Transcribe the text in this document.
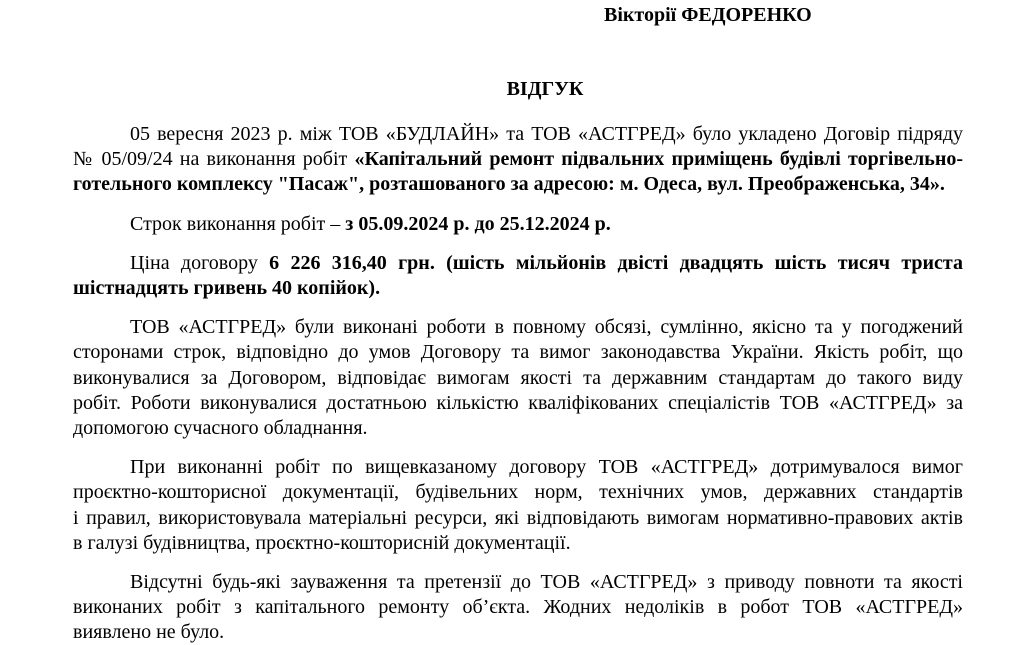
Вікторії ФЕДОРЕНКО
ВІДГУК

05 вересня 2023 р. між ТОВ «БУДЛАЙН» та ТОВ «АСТГРЕД» було укладено Договір підряду
№ 05/09/24 на виконання робіт «Капітальний ремонт підвальних приміщень будівлі торгівельно-
готельного комплексу "Пасаж", розташованого за адресою: м. Одеса, вул. Преображенська, 34».

Строк виконання робіт – з 05.09.2024 р. до 25.12.2024 р.

Ціна договору 6 226 316,40 грн. (шість мільйонів двісті двадцять шість тисяч триста
шістнадцять гривень 40 копійок).

ТОВ «АСТГРЕД» були виконані роботи в повному обсязі, сумлінно, якісно та у погоджений
сторонами строк, відповідно до умов Договору та вимог законодавства України. Якість робіт, що
виконувалися за Договором, відповідає вимогам якості та державним стандартам до такого виду
робіт. Роботи виконувалися достатньою кількістю кваліфікованих спеціалістів ТОВ «АСТГРЕД» за
допомогою сучасного обладнання.

При виконанні робіт по вищевказаному договору ТОВ «АСТГРЕД» дотримувалося вимог
проєктно-кошторисної документації, будівельних норм, технічних умов, державних стандартів
і правил, використовувала матеріальні ресурси, які відповідають вимогам нормативно-правових актів
в галузі будівництва, проєктно-кошторисній документації.

Відсутні будь-які зауваження та претензії до ТОВ «АСТГРЕД» з приводу повноти та якості
виконаних робіт з капітального ремонту об’єкта. Жодних недоліків в робот ТОВ «АСТГРЕД»
виявлено не було.
